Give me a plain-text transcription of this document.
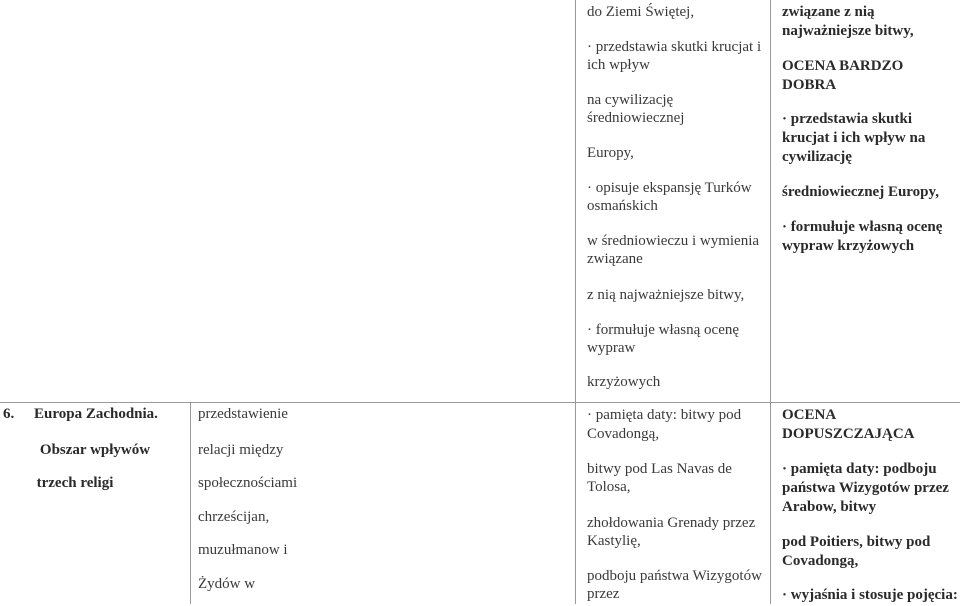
do Ziemi Świętej,
· przedstawia skutki krucjat i
ich wpływ
na cywilizację
średniowiecznej
Europy,
· opisuje ekspansję Turków
osmańskich
w średniowieczu i wymienia
związane
z nią najważniejsze bitwy,
· formułuje własną ocenę
wypraw
krzyżowych
związane z nią
najważniejsze bitwy,
OCENA BARDZO
DOBRA
· przedstawia skutki
krucjat i ich wpływ na
cywilizację
średniowiecznej Europy,
· formułuje własną ocenę
wypraw krzyżowych
6. Europa Zachodnia.
Obszar wpływów
trzech religi
przedstawienie
relacji między
społecznościami
chrześcijan,
muzułmanow i
Żydów w
· pamięta daty: bitwy pod
Covadongą,
bitwy pod Las Navas de
Tolosa,
zhołdowania Grenady przez
Kastylię,
podboju państwa Wizygotów
przez
OCENA
DOPUSZCZAJĄCA
· pamięta daty: podboju
państwa Wizygotów przez
Arabow, bitwy
pod Poitiers, bitwy pod
Covadongą,
· wyjaśnia i stosuje pojęcia:
